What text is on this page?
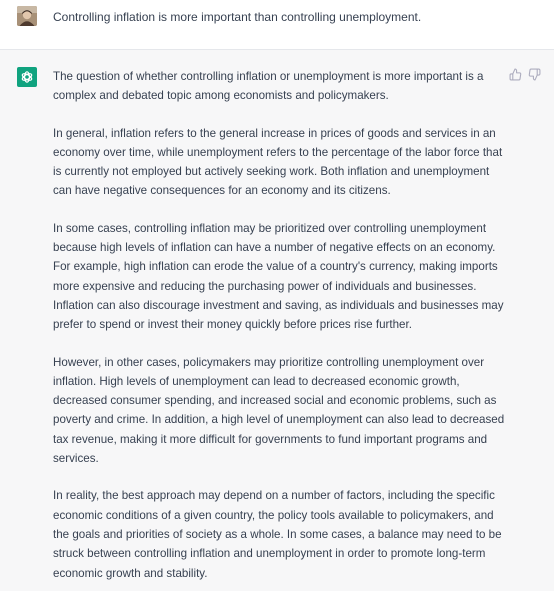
Controlling inflation is more important than controlling unemployment.

The question of whether controlling inflation or unemployment is more important is a complex and debated topic among economists and policymakers.

In general, inflation refers to the general increase in prices of goods and services in an economy over time, while unemployment refers to the percentage of the labor force that is currently not employed but actively seeking work. Both inflation and unemployment can have negative consequences for an economy and its citizens.

In some cases, controlling inflation may be prioritized over controlling unemployment because high levels of inflation can have a number of negative effects on an economy. For example, high inflation can erode the value of a country's currency, making imports more expensive and reducing the purchasing power of individuals and businesses. Inflation can also discourage investment and saving, as individuals and businesses may prefer to spend or invest their money quickly before prices rise further.

However, in other cases, policymakers may prioritize controlling unemployment over inflation. High levels of unemployment can lead to decreased economic growth, decreased consumer spending, and increased social and economic problems, such as poverty and crime. In addition, a high level of unemployment can also lead to decreased tax revenue, making it more difficult for governments to fund important programs and services.

In reality, the best approach may depend on a number of factors, including the specific economic conditions of a given country, the policy tools available to policymakers, and the goals and priorities of society as a whole. In some cases, a balance may need to be struck between controlling inflation and unemployment in order to promote long-term economic growth and stability.
